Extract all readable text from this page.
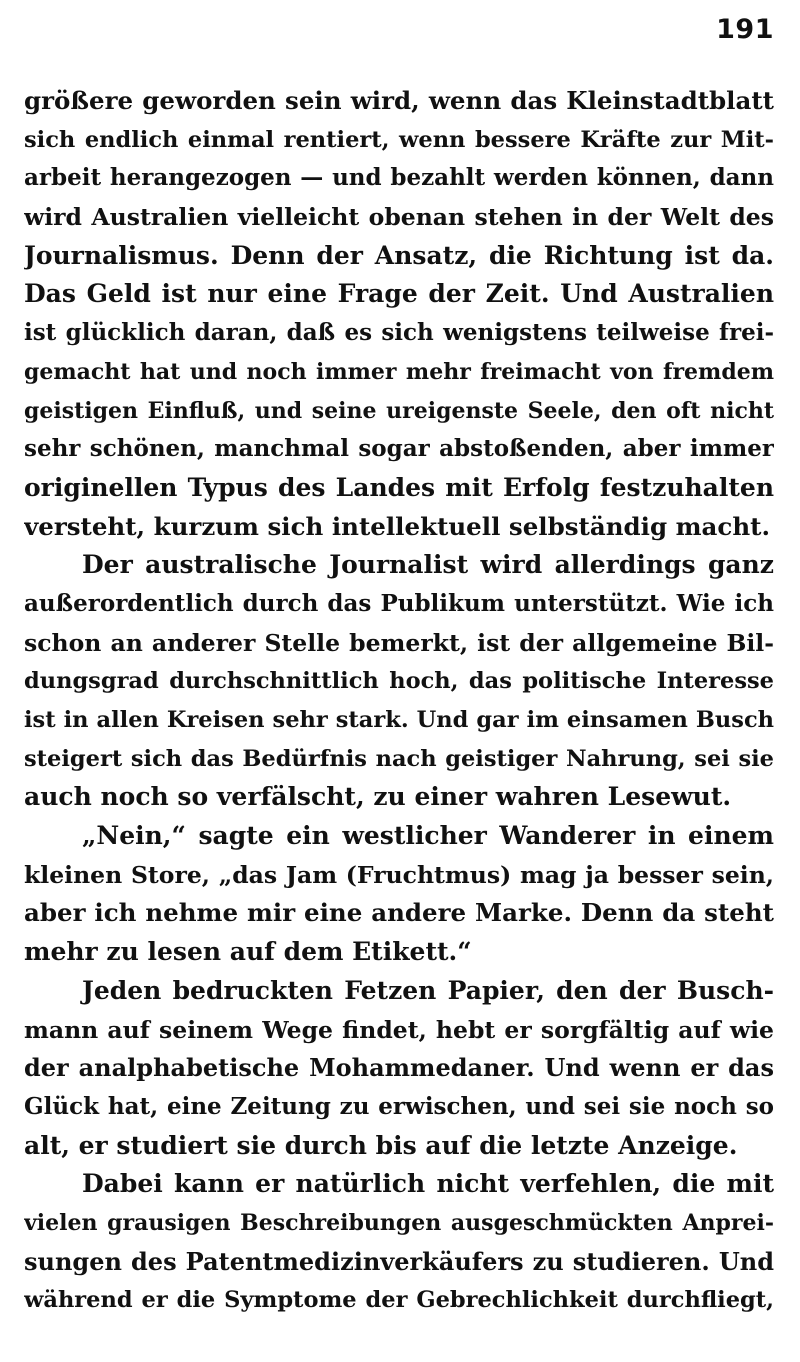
191
größere geworden sein wird, wenn das Kleinstadtblatt
sich endlich einmal rentiert, wenn bessere Kräfte zur Mit-
arbeit herangezogen — und bezahlt werden können, dann
wird Australien vielleicht obenan stehen in der Welt des
Journalismus. Denn der Ansatz, die Richtung ist da.
Das Geld ist nur eine Frage der Zeit. Und Australien
ist glücklich daran, daß es sich wenigstens teilweise frei-
gemacht hat und noch immer mehr freimacht von fremdem
geistigen Einfluß, und seine ureigenste Seele, den oft nicht
sehr schönen, manchmal sogar abstoßenden, aber immer
originellen Typus des Landes mit Erfolg festzuhalten
versteht, kurzum sich intellektuell selbständig macht.
Der australische Journalist wird allerdings ganz
außerordentlich durch das Publikum unterstützt. Wie ich
schon an anderer Stelle bemerkt, ist der allgemeine Bil-
dungsgrad durchschnittlich hoch, das politische Interesse
ist in allen Kreisen sehr stark. Und gar im einsamen Busch
steigert sich das Bedürfnis nach geistiger Nahrung, sei sie
auch noch so verfälscht, zu einer wahren Lesewut.
„Nein,“ sagte ein westlicher Wanderer in einem
kleinen Store, „das Jam (Fruchtmus) mag ja besser sein,
aber ich nehme mir eine andere Marke. Denn da steht
mehr zu lesen auf dem Etikett.“
Jeden bedruckten Fetzen Papier, den der Busch-
mann auf seinem Wege findet, hebt er sorgfältig auf wie
der analphabetische Mohammedaner. Und wenn er das
Glück hat, eine Zeitung zu erwischen, und sei sie noch so
alt, er studiert sie durch bis auf die letzte Anzeige.
Dabei kann er natürlich nicht verfehlen, die mit
vielen grausigen Beschreibungen ausgeschmückten Anprei-
sungen des Patentmedizinverkäufers zu studieren. Und
während er die Symptome der Gebrechlichkeit durchfliegt,
